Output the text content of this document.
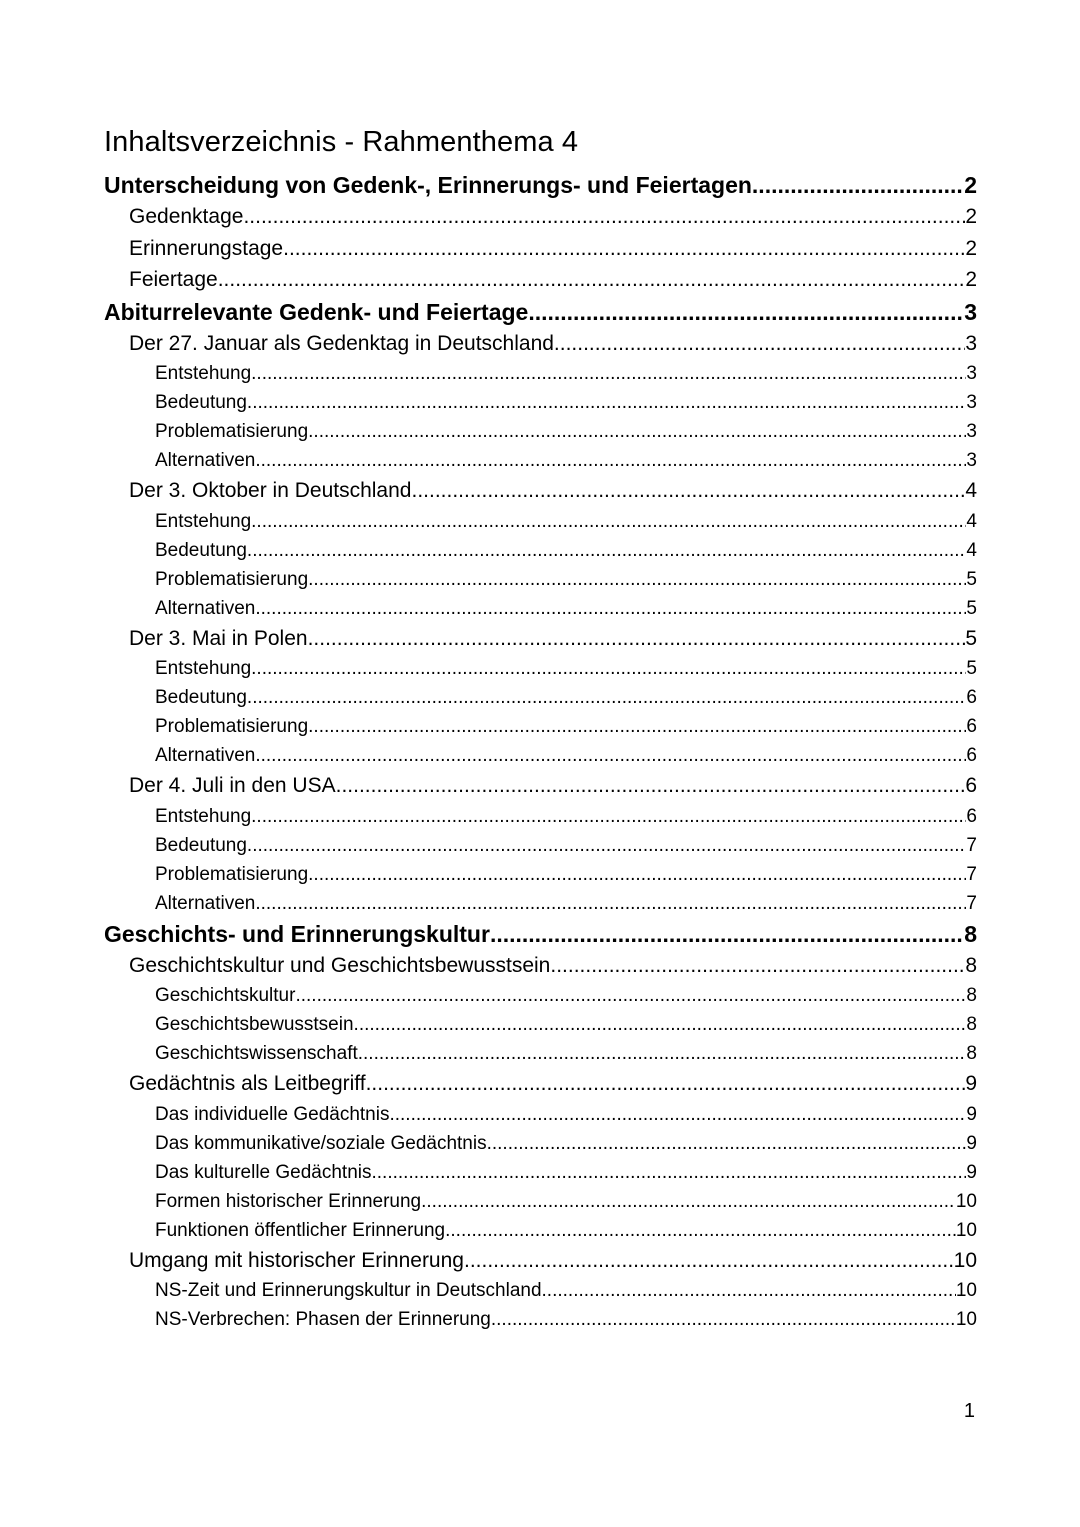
Inhaltsverzeichnis - Rahmenthema 4
Unterscheidung von Gedenk-, Erinnerungs- und Feiertagen .....	2
Gedenktage .....	2
Erinnerungstage .....	2
Feiertage .....	2
Abiturrelevante Gedenk- und Feiertage .....	3
Der 27. Januar als Gedenktag in Deutschland .....	3
Entstehung .....	3
Bedeutung .....	3
Problematisierung .....	3
Alternativen .....	3
Der 3. Oktober in Deutschland .....	4
Entstehung .....	4
Bedeutung .....	4
Problematisierung .....	5
Alternativen .....	5
Der 3. Mai in Polen .....	5
Entstehung .....	5
Bedeutung .....	6
Problematisierung .....	6
Alternativen .....	6
Der 4. Juli in den USA .....	6
Entstehung .....	6
Bedeutung .....	7
Problematisierung .....	7
Alternativen .....	7
Geschichts- und Erinnerungskultur .....	8
Geschichtskultur und Geschichtsbewusstsein .....	8
Geschichtskultur .....	8
Geschichtsbewusstsein .....	8
Geschichtswissenschaft .....	8
Gedächtnis als Leitbegriff .....	9
Das individuelle Gedächtnis .....	9
Das kommunikative/soziale Gedächtnis .....	9
Das kulturelle Gedächtnis .....	9
Formen historischer Erinnerung .....	10
Funktionen öffentlicher Erinnerung .....	10
Umgang mit historischer Erinnerung .....	10
NS-Zeit und Erinnerungskultur in Deutschland .....	10
NS-Verbrechen: Phasen der Erinnerung .....	10
1
